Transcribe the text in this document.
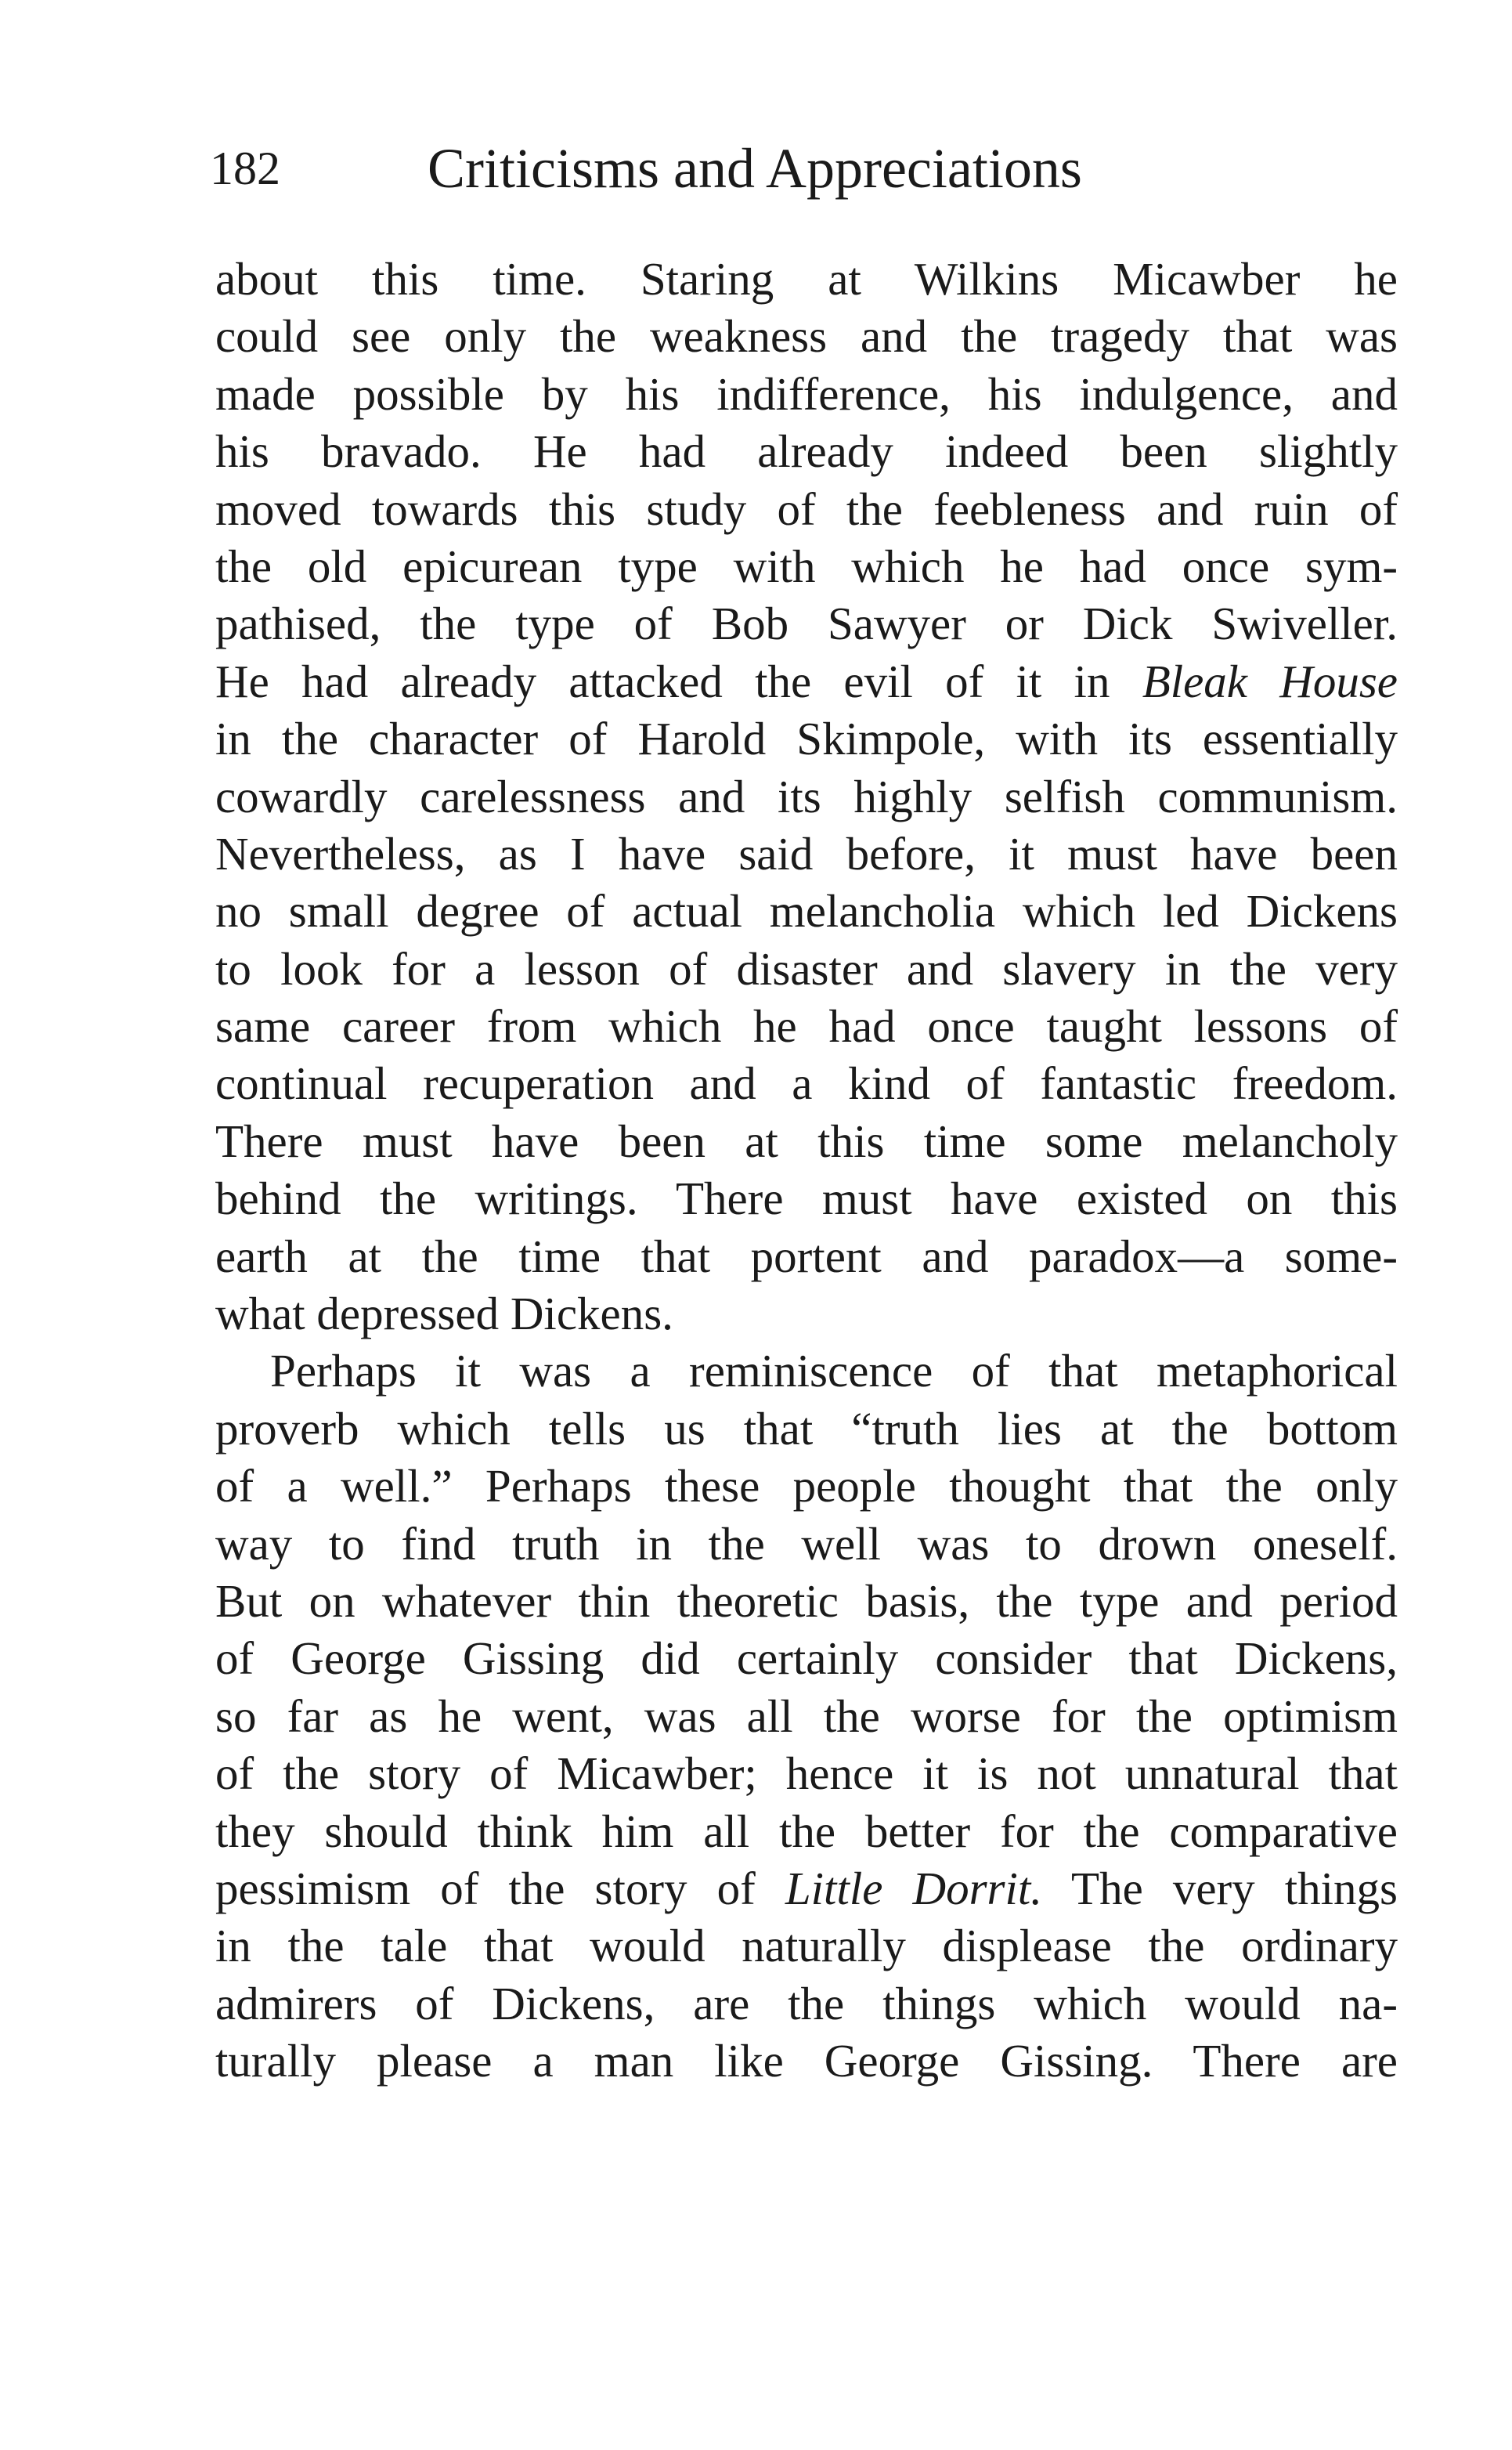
182	Criticisms and Appreciations
about this time. Staring at Wilkins Micawber he
could see only the weakness and the tragedy that was
made possible by his indifference, his indulgence, and
his bravado. He had already indeed been slightly
moved towards this study of the feebleness and ruin of
the old epicurean type with which he had once sym-
pathised, the type of Bob Sawyer or Dick Swiveller.
He had already attacked the evil of it in Bleak House
in the character of Harold Skimpole, with its essentially
cowardly carelessness and its highly selfish communism.
Nevertheless, as I have said before, it must have been
no small degree of actual melancholia which led Dickens
to look for a lesson of disaster and slavery in the very
same career from which he had once taught lessons of
continual recuperation and a kind of fantastic freedom.
There must have been at this time some melancholy
behind the writings. There must have existed on this
earth at the time that portent and paradox—a some-
what depressed Dickens.
Perhaps it was a reminiscence of that metaphorical
proverb which tells us that “truth lies at the bottom
of a well.” Perhaps these people thought that the only
way to find truth in the well was to drown oneself.
But on whatever thin theoretic basis, the type and period
of George Gissing did certainly consider that Dickens,
so far as he went, was all the worse for the optimism
of the story of Micawber; hence it is not unnatural that
they should think him all the better for the comparative
pessimism of the story of Little Dorrit. The very things
in the tale that would naturally displease the ordinary
admirers of Dickens, are the things which would na-
turally please a man like George Gissing. There are
